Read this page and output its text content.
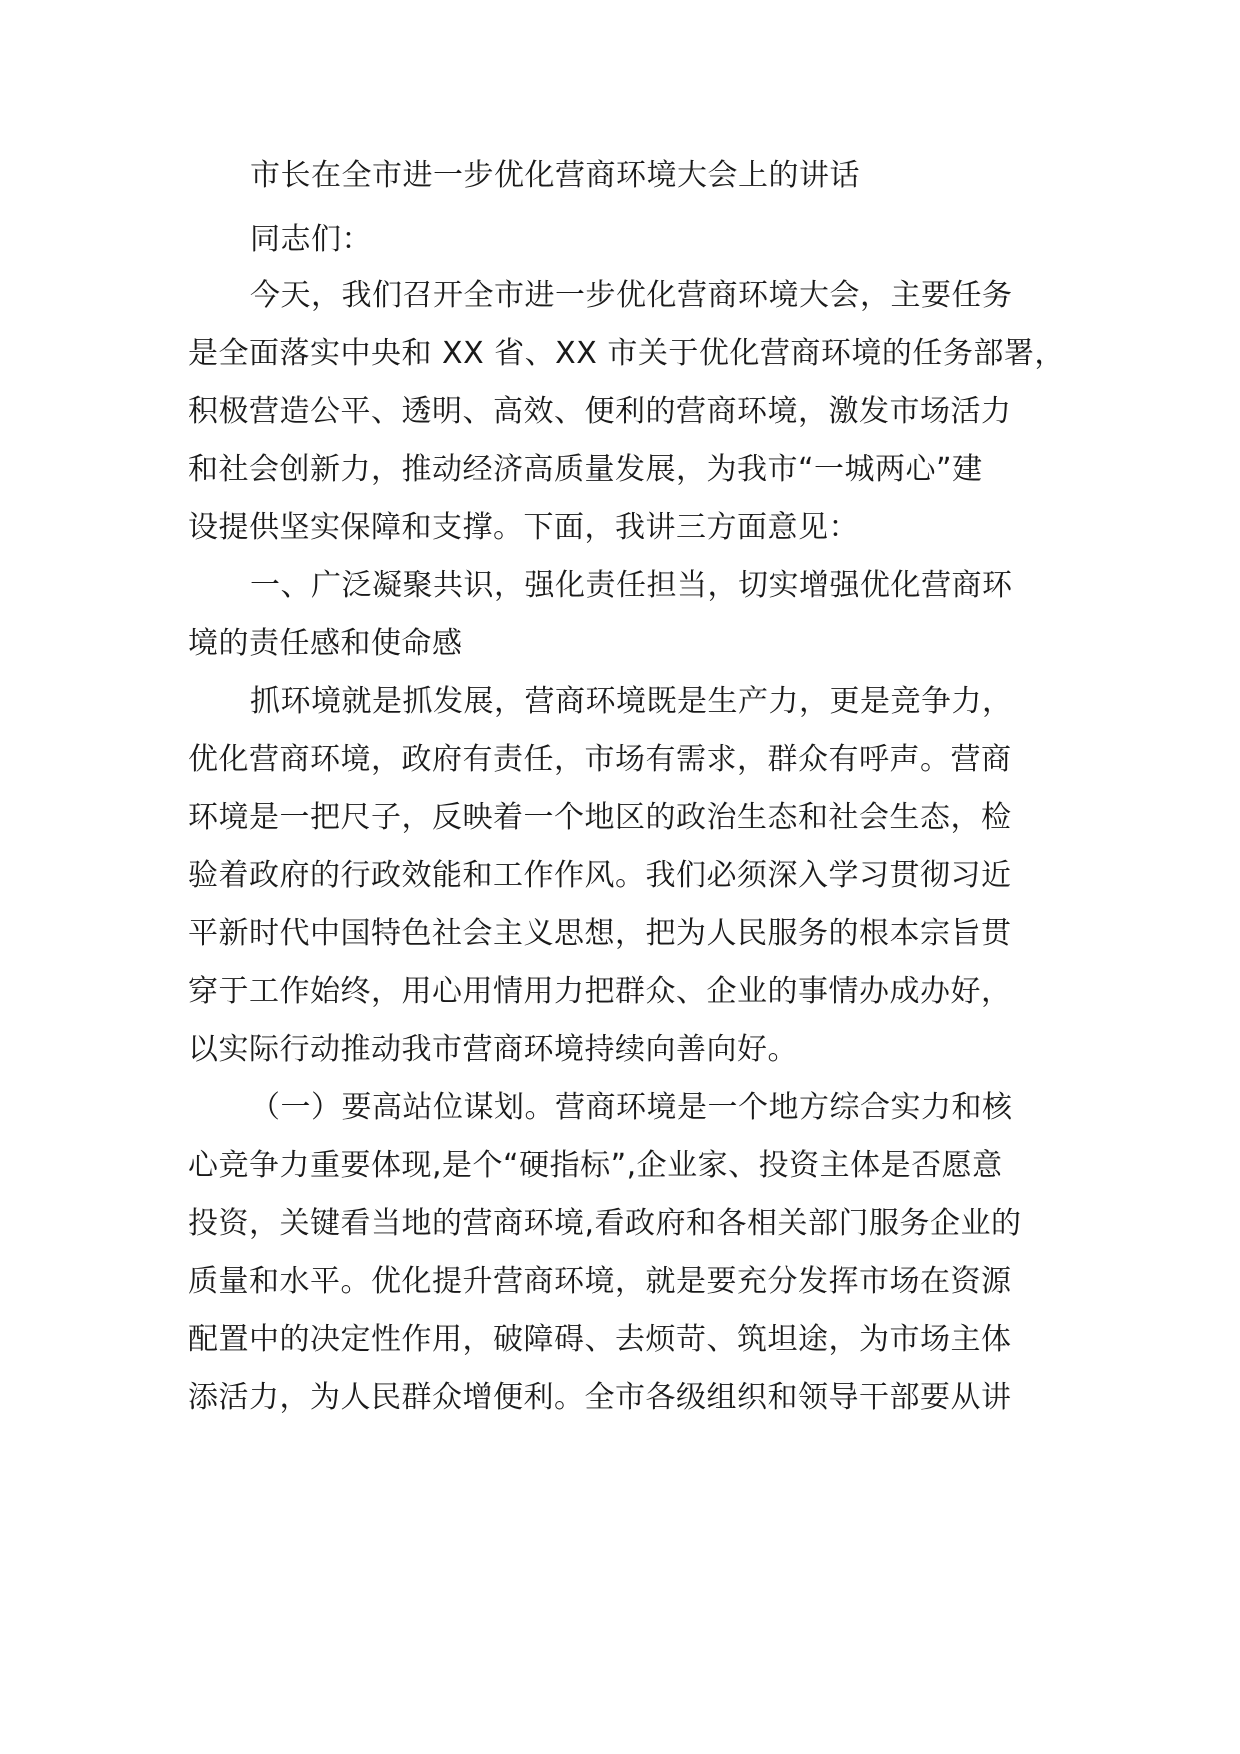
市长在全市进一步优化营商环境大会上的讲话
同志们：
今天，我们召开全市进一步优化营商环境大会，主要任务
是全面落实中央和 XX 省、XX 市关于优化营商环境的任务部署，
积极营造公平、透明、高效、便利的营商环境，激发市场活力
和社会创新力，推动经济高质量发展，为我市“一城两心”建
设提供坚实保障和支撑。下面，我讲三方面意见：
一、广泛凝聚共识，强化责任担当，切实增强优化营商环
境的责任感和使命感
抓环境就是抓发展，营商环境既是生产力，更是竞争力，
优化营商环境，政府有责任，市场有需求，群众有呼声。营商
环境是一把尺子，反映着一个地区的政治生态和社会生态，检
验着政府的行政效能和工作作风。我们必须深入学习贯彻习近
平新时代中国特色社会主义思想，把为人民服务的根本宗旨贯
穿于工作始终，用心用情用力把群众、企业的事情办成办好，
以实际行动推动我市营商环境持续向善向好。
（一）要高站位谋划。营商环境是一个地方综合实力和核
心竞争力重要体现,是个“硬指标”,企业家、投资主体是否愿意
投资，关键看当地的营商环境,看政府和各相关部门服务企业的
质量和水平。优化提升营商环境，就是要充分发挥市场在资源
配置中的决定性作用，破障碍、去烦苛、筑坦途，为市场主体
添活力，为人民群众增便利。全市各级组织和领导干部要从讲
